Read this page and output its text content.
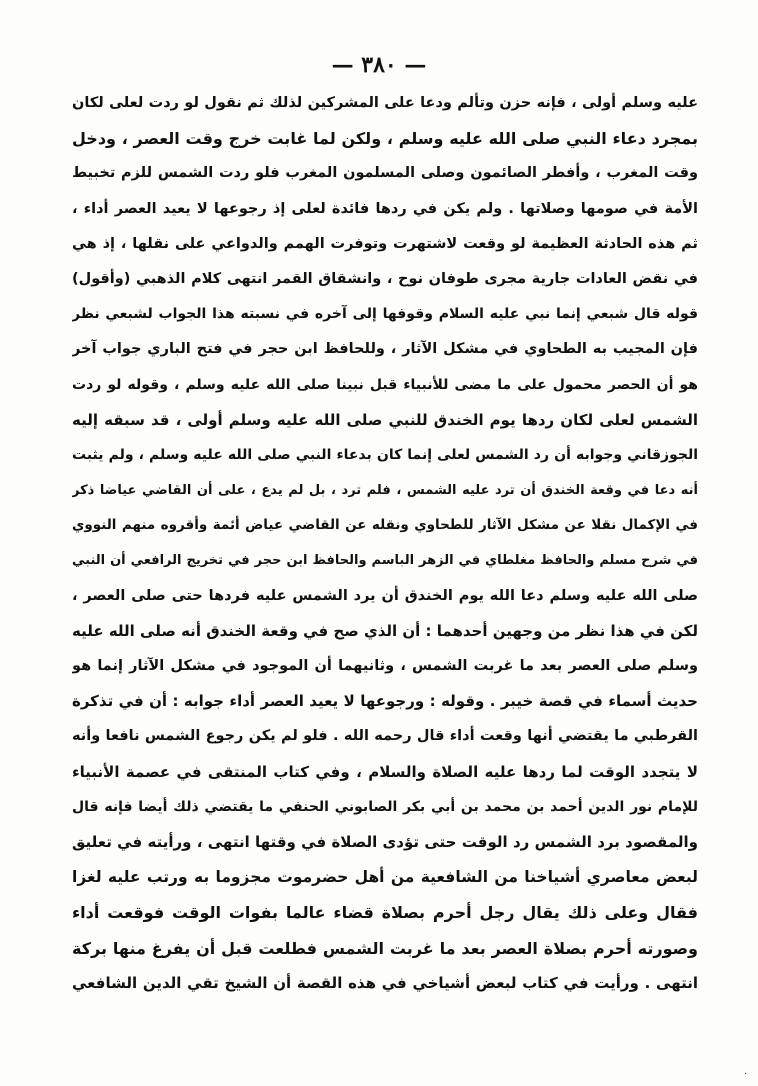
— ٣٨٠ —
عليه وسلم أولى ، فإنه حزن وتألم ودعا على المشركين لذلك ثم نقول لو ردت لعلى لكان
بمجرد دعاء النبي صلى الله عليه وسلم ، ولكن لما غابت خرج وقت العصر ، ودخل
وقت المغرب ، وأفطر الصائمون وصلى المسلمون المغرب فلو ردت الشمس للزم تخبيط
الأمة في صومها وصلاتها . ولم يكن في ردها فائدة لعلى إذ رجوعها لا يعيد العصر أداء ،
ثم هذه الحادثة العظيمة لو وقعت لاشتهرت وتوفرت الهمم والدواعي على نقلها ، إذ هي
في نقض العادات جارية مجرى طوفان نوح ، وانشقاق القمر انتهى كلام الذهبي (وأقول)
قوله قال شبعي إنما نبي عليه السلام وقوفها إلى آخره في نسبته هذا الجواب لشبعي نظر
فإن المجيب به الطحاوي في مشكل الآثار ، وللحافظ ابن حجر في فتح الباري جواب آخر
هو أن الحصر محمول على ما مضى للأنبياء قبل نبينا صلى الله عليه وسلم ، وقوله لو ردت
الشمس لعلى لكان ردها يوم الخندق للنبي صلى الله عليه وسلم أولى ، قد سبقه إليه
الجوزقاني وجوابه أن رد الشمس لعلى إنما كان بدعاء النبي صلى الله عليه وسلم ، ولم يثبت
أنه دعا في وقعة الخندق أن ترد عليه الشمس ، فلم ترد ، بل لم يدع ، على أن القاضي عياضا ذكر
في الإكمال نقلا عن مشكل الآثار للطحاوي ونقله عن القاضي عياض أئمة وأقروه منهم النووي
في شرح مسلم والحافظ مغلطاي في الزهر الباسم والحافظ ابن حجر في تخريج الرافعي أن النبي
صلى الله عليه وسلم دعا الله يوم الخندق أن يرد الشمس عليه فردها حتى صلى العصر ،
لكن في هذا نظر من وجهين أحدهما : أن الذي صح في وقعة الخندق أنه صلى الله عليه
وسلم صلى العصر بعد ما غربت الشمس ، وثانيهما أن الموجود في مشكل الآثار إنما هو
حديث أسماء في قصة خيبر . وقوله : ورجوعها لا يعيد العصر أداء جوابه : أن في تذكرة
القرطبي ما يقتضي أنها وقعت أداء قال رحمه الله . فلو لم يكن رجوع الشمس نافعا وأنه
لا يتجدد الوقت لما ردها عليه الصلاة والسلام ، وفي كتاب المنتقى في عصمة الأنبياء
للإمام نور الدين أحمد بن محمد بن أبي بكر الصابوني الحنفي ما يقتضي ذلك أيضا فإنه قال
والمقصود برد الشمس رد الوقت حتى تؤدى الصلاة في وقتها انتهى ، ورأيته في تعليق
لبعض معاصري أشياخنا من الشافعية من أهل حضرموت مجزوما به ورتب عليه لغزا
فقال وعلى ذلك يقال رجل أحرم بصلاة قضاء عالما بفوات الوقت فوقعت أداء
وصورته أحرم بصلاة العصر بعد ما غربت الشمس فطلعت قبل أن يفرغ منها بركة
انتهى . ورأيت في كتاب لبعض أشياخي في هذه القصة أن الشيخ تقي الدين الشافعي
·
